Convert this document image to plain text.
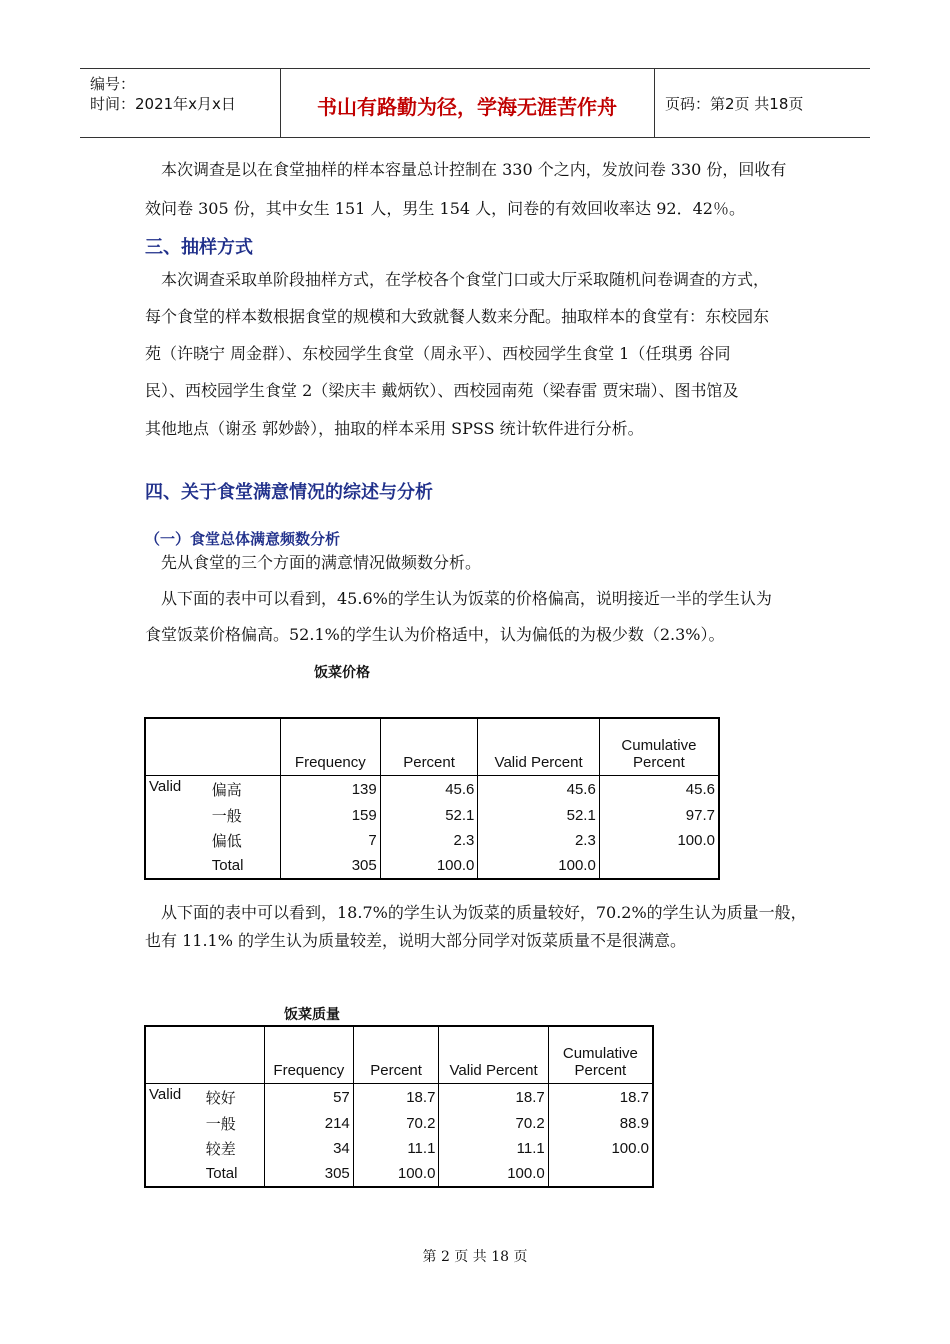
编号：
时间：2021年x月x日	书山有路勤为径，学海无涯苦作舟	页码：第2页 共18页
本次调查是以在食堂抽样的样本容量总计控制在 330 个之内，发放问卷 330 份，回收有
效问卷 305 份，其中女生 151 人，男生 154 人，问卷的有效回收率达 92．42％。
三、抽样方式
本次调查采取单阶段抽样方式，在学校各个食堂门口或大厅采取随机问卷调查的方式，
每个食堂的样本数根据食堂的规模和大致就餐人数来分配。抽取样本的食堂有：东校园东
苑（许晓宁 周金群）、东校园学生食堂（周永平）、西校园学生食堂 1（任琪勇 谷同
民）、西校园学生食堂 2（梁庆丰 戴炳钦）、西校园南苑（梁春雷 贾宋瑞）、图书馆及
其他地点（谢丞 郭妙龄），抽取的样本采用 SPSS 统计软件进行分析。
四、关于食堂满意情况的综述与分析
（一）食堂总体满意频数分析
先从食堂的三个方面的满意情况做频数分析。
从下面的表中可以看到，45.6%的学生认为饭菜的价格偏高，说明接近一半的学生认为
食堂饭菜价格偏高。52.1%的学生认为价格适中，认为偏低的为极少数（2.3%）。
饭菜价格
		Frequency	Percent	Valid Percent	Cumulative
Percent
Valid	偏高	139	45.6	45.6	45.6
	一般	159	52.1	52.1	97.7
	偏低	7	2.3	2.3	100.0
	Total	305	100.0	100.0	
从下面的表中可以看到，18.7%的学生认为饭菜的质量较好，70.2%的学生认为质量一般，
也有 11.1% 的学生认为质量较差，说明大部分同学对饭菜质量不是很满意。
饭菜质量
		Frequency	Percent	Valid Percent	Cumulative
Percent
Valid	较好	57	18.7	18.7	18.7
	一般	214	70.2	70.2	88.9
	较差	34	11.1	11.1	100.0
	Total	305	100.0	100.0	
第 2 页 共 18 页
